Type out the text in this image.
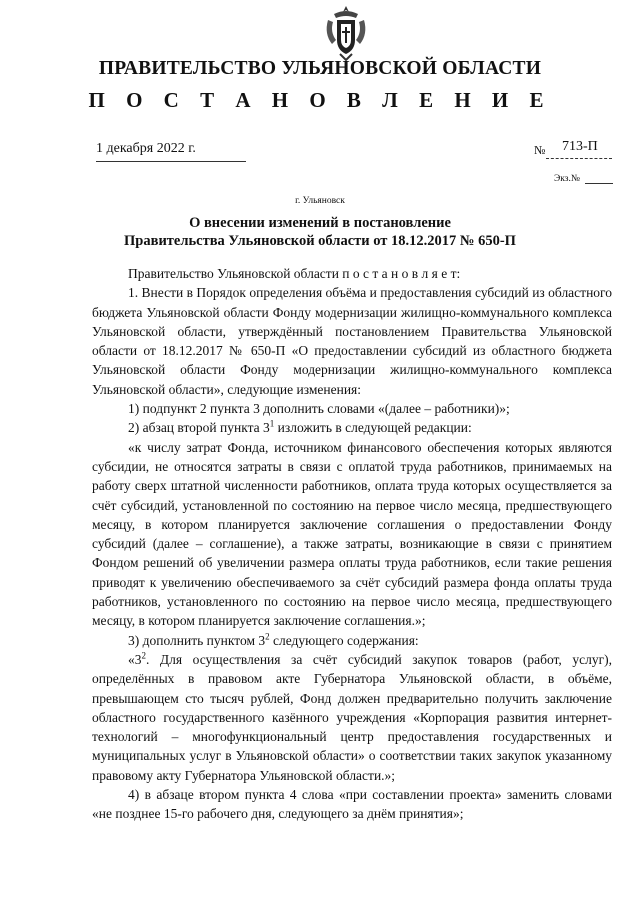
ПРАВИТЕЛЬСТВО УЛЬЯНОВСКОЙ ОБЛАСТИ
П О С Т А Н О В Л Е Н И Е
1 декабря 2022 г.	№ 713-П
Экз.№
г. Ульяновск
О внесении изменений в постановление
Правительства Ульяновской области от 18.12.2017 № 650-П

Правительство Ульяновской области п о с т а н о в л я е т:

1. Внести в Порядок определения объёма и предоставления субсидий из областного бюджета Ульяновской области Фонду модернизации жилищно-коммунального комплекса Ульяновской области, утверждённый постановлением Правительства Ульяновской области от 18.12.2017 № 650-П «О предоставлении субсидий из областного бюджета Ульяновской области Фонду модернизации жилищно-коммунального комплекса Ульяновской области», следующие изменения:

1) подпункт 2 пункта 3 дополнить словами «(далее – работники)»;

2) абзац второй пункта $3^1$ изложить в следующей редакции:

«к числу затрат Фонда, источником финансового обеспечения которых являются субсидии, не относятся затраты в связи с оплатой труда работников, принимаемых на работу сверх штатной численности работников, оплата труда которых осуществляется за счёт субсидий, установленной по состоянию на первое число месяца, предшествующего месяцу, в котором планируется заключение соглашения о предоставлении Фонду субсидий (далее – соглашение), а также затраты, возникающие в связи с принятием Фондом решений об увеличении размера оплаты труда работников, если такие решения приводят к увеличению обеспечиваемого за счёт субсидий размера фонда оплаты труда работников, установленного по состоянию на первое число месяца, предшествующего месяцу, в котором планируется заключение соглашения.»;

3) дополнить пунктом $3^2$ следующего содержания:

«$3^2$. Для осуществления за счёт субсидий закупок товаров (работ, услуг), определённых в правовом акте Губернатора Ульяновской области, в объёме, превышающем сто тысяч рублей, Фонд должен предварительно получить заключение областного государственного казённого учреждения «Корпорация развития интернет-технологий – многофункциональный центр предоставления государственных и муниципальных услуг в Ульяновской области» о соответствии таких закупок указанному правовому акту Губернатора Ульяновской области.»;

4) в абзаце втором пункта 4 слова «при составлении проекта» заменить словами «не позднее 15-го рабочего дня, следующего за днём принятия»;
